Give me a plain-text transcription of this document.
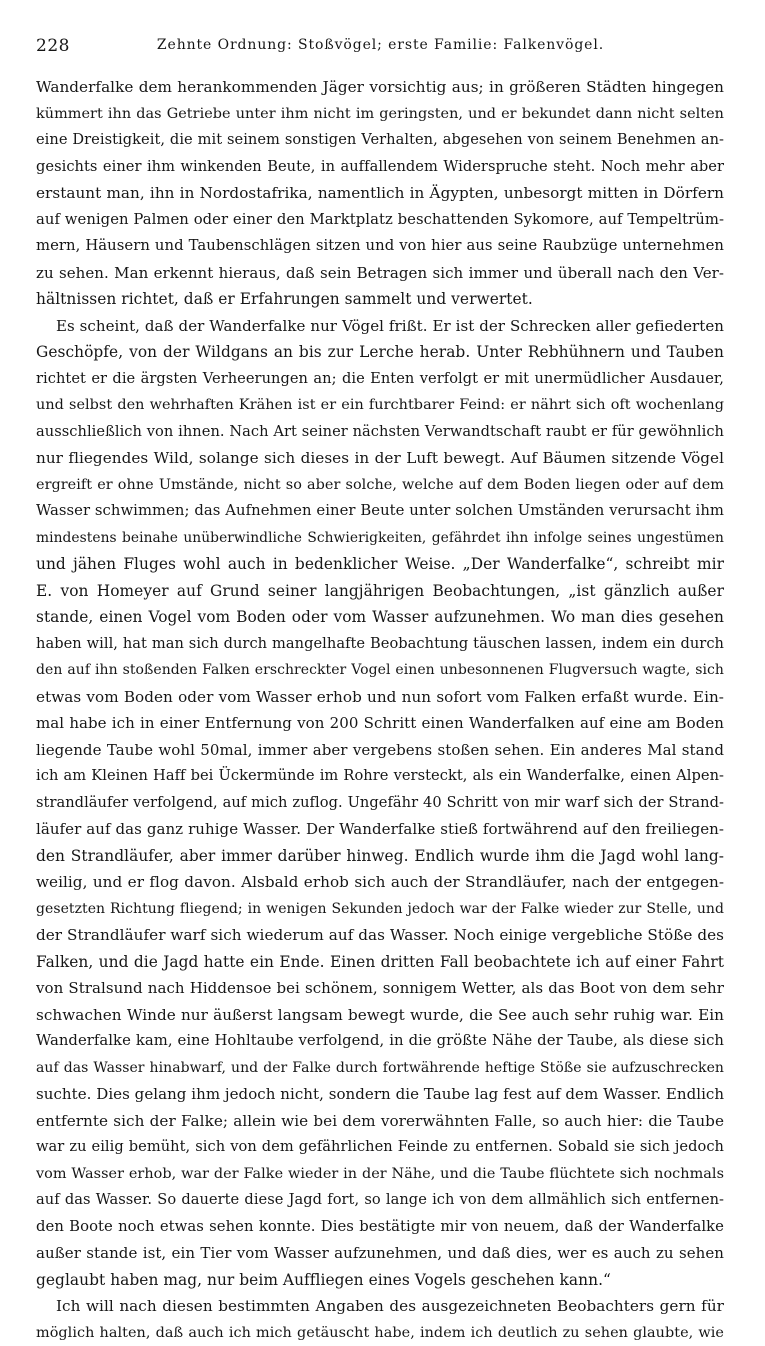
228	Zehnte Ordnung: Stoßvögel; erste Familie: Falkenvögel.
Wanderfalke dem herankommenden Jäger vorsichtig aus; in größeren Städten hingegen
kümmert ihn das Getriebe unter ihm nicht im geringsten, und er bekundet dann nicht selten
eine Dreistigkeit, die mit seinem sonstigen Verhalten, abgesehen von seinem Benehmen an-
gesichts einer ihm winkenden Beute, in auffallendem Widerspruche steht. Noch mehr aber
erstaunt man, ihn in Nordostafrika, namentlich in Ägypten, unbesorgt mitten in Dörfern
auf wenigen Palmen oder einer den Marktplatz beschattenden Sykomore, auf Tempeltrüm-
mern, Häusern und Taubenschlägen sitzen und von hier aus seine Raubzüge unternehmen
zu sehen. Man erkennt hieraus, daß sein Betragen sich immer und überall nach den Ver-
hältnissen richtet, daß er Erfahrungen sammelt und verwertet.
Es scheint, daß der Wanderfalke nur Vögel frißt. Er ist der Schrecken aller gefiederten
Geschöpfe, von der Wildgans an bis zur Lerche herab. Unter Rebhühnern und Tauben
richtet er die ärgsten Verheerungen an; die Enten verfolgt er mit unermüdlicher Ausdauer,
und selbst den wehrhaften Krähen ist er ein furchtbarer Feind: er nährt sich oft wochenlang
ausschließlich von ihnen. Nach Art seiner nächsten Verwandtschaft raubt er für gewöhnlich
nur fliegendes Wild, solange sich dieses in der Luft bewegt. Auf Bäumen sitzende Vögel
ergreift er ohne Umstände, nicht so aber solche, welche auf dem Boden liegen oder auf dem
Wasser schwimmen; das Aufnehmen einer Beute unter solchen Umständen verursacht ihm
mindestens beinahe unüberwindliche Schwierigkeiten, gefährdet ihn infolge seines ungestümen
und jähen Fluges wohl auch in bedenklicher Weise. „Der Wanderfalke“, schreibt mir
E. von Homeyer auf Grund seiner langjährigen Beobachtungen, „ist gänzlich außer
stande, einen Vogel vom Boden oder vom Wasser aufzunehmen. Wo man dies gesehen
haben will, hat man sich durch mangelhafte Beobachtung täuschen lassen, indem ein durch
den auf ihn stoßenden Falken erschreckter Vogel einen unbesonnenen Flugversuch wagte, sich
etwas vom Boden oder vom Wasser erhob und nun sofort vom Falken erfaßt wurde. Ein-
mal habe ich in einer Entfernung von 200 Schritt einen Wanderfalken auf eine am Boden
liegende Taube wohl 50mal, immer aber vergebens stoßen sehen. Ein anderes Mal stand
ich am Kleinen Haff bei Ückermünde im Rohre versteckt, als ein Wanderfalke, einen Alpen-
strandläufer verfolgend, auf mich zuflog. Ungefähr 40 Schritt von mir warf sich der Strand-
läufer auf das ganz ruhige Wasser. Der Wanderfalke stieß fortwährend auf den freiliegen-
den Strandläufer, aber immer darüber hinweg. Endlich wurde ihm die Jagd wohl lang-
weilig, und er flog davon. Alsbald erhob sich auch der Strandläufer, nach der entgegen-
gesetzten Richtung fliegend; in wenigen Sekunden jedoch war der Falke wieder zur Stelle, und
der Strandläufer warf sich wiederum auf das Wasser. Noch einige vergebliche Stöße des
Falken, und die Jagd hatte ein Ende. Einen dritten Fall beobachtete ich auf einer Fahrt
von Stralsund nach Hiddensoe bei schönem, sonnigem Wetter, als das Boot von dem sehr
schwachen Winde nur äußerst langsam bewegt wurde, die See auch sehr ruhig war. Ein
Wanderfalke kam, eine Hohltaube verfolgend, in die größte Nähe der Taube, als diese sich
auf das Wasser hinabwarf, und der Falke durch fortwährende heftige Stöße sie aufzuschrecken
suchte. Dies gelang ihm jedoch nicht, sondern die Taube lag fest auf dem Wasser. Endlich
entfernte sich der Falke; allein wie bei dem vorerwähnten Falle, so auch hier: die Taube
war zu eilig bemüht, sich von dem gefährlichen Feinde zu entfernen. Sobald sie sich jedoch
vom Wasser erhob, war der Falke wieder in der Nähe, und die Taube flüchtete sich nochmals
auf das Wasser. So dauerte diese Jagd fort, so lange ich von dem allmählich sich entfernen-
den Boote noch etwas sehen konnte. Dies bestätigte mir von neuem, daß der Wanderfalke
außer stande ist, ein Tier vom Wasser aufzunehmen, und daß dies, wer es auch zu sehen
geglaubt haben mag, nur beim Auffliegen eines Vogels geschehen kann.“
Ich will nach diesen bestimmten Angaben des ausgezeichneten Beobachters gern für
möglich halten, daß auch ich mich getäuscht habe, indem ich deutlich zu sehen glaubte, wie
